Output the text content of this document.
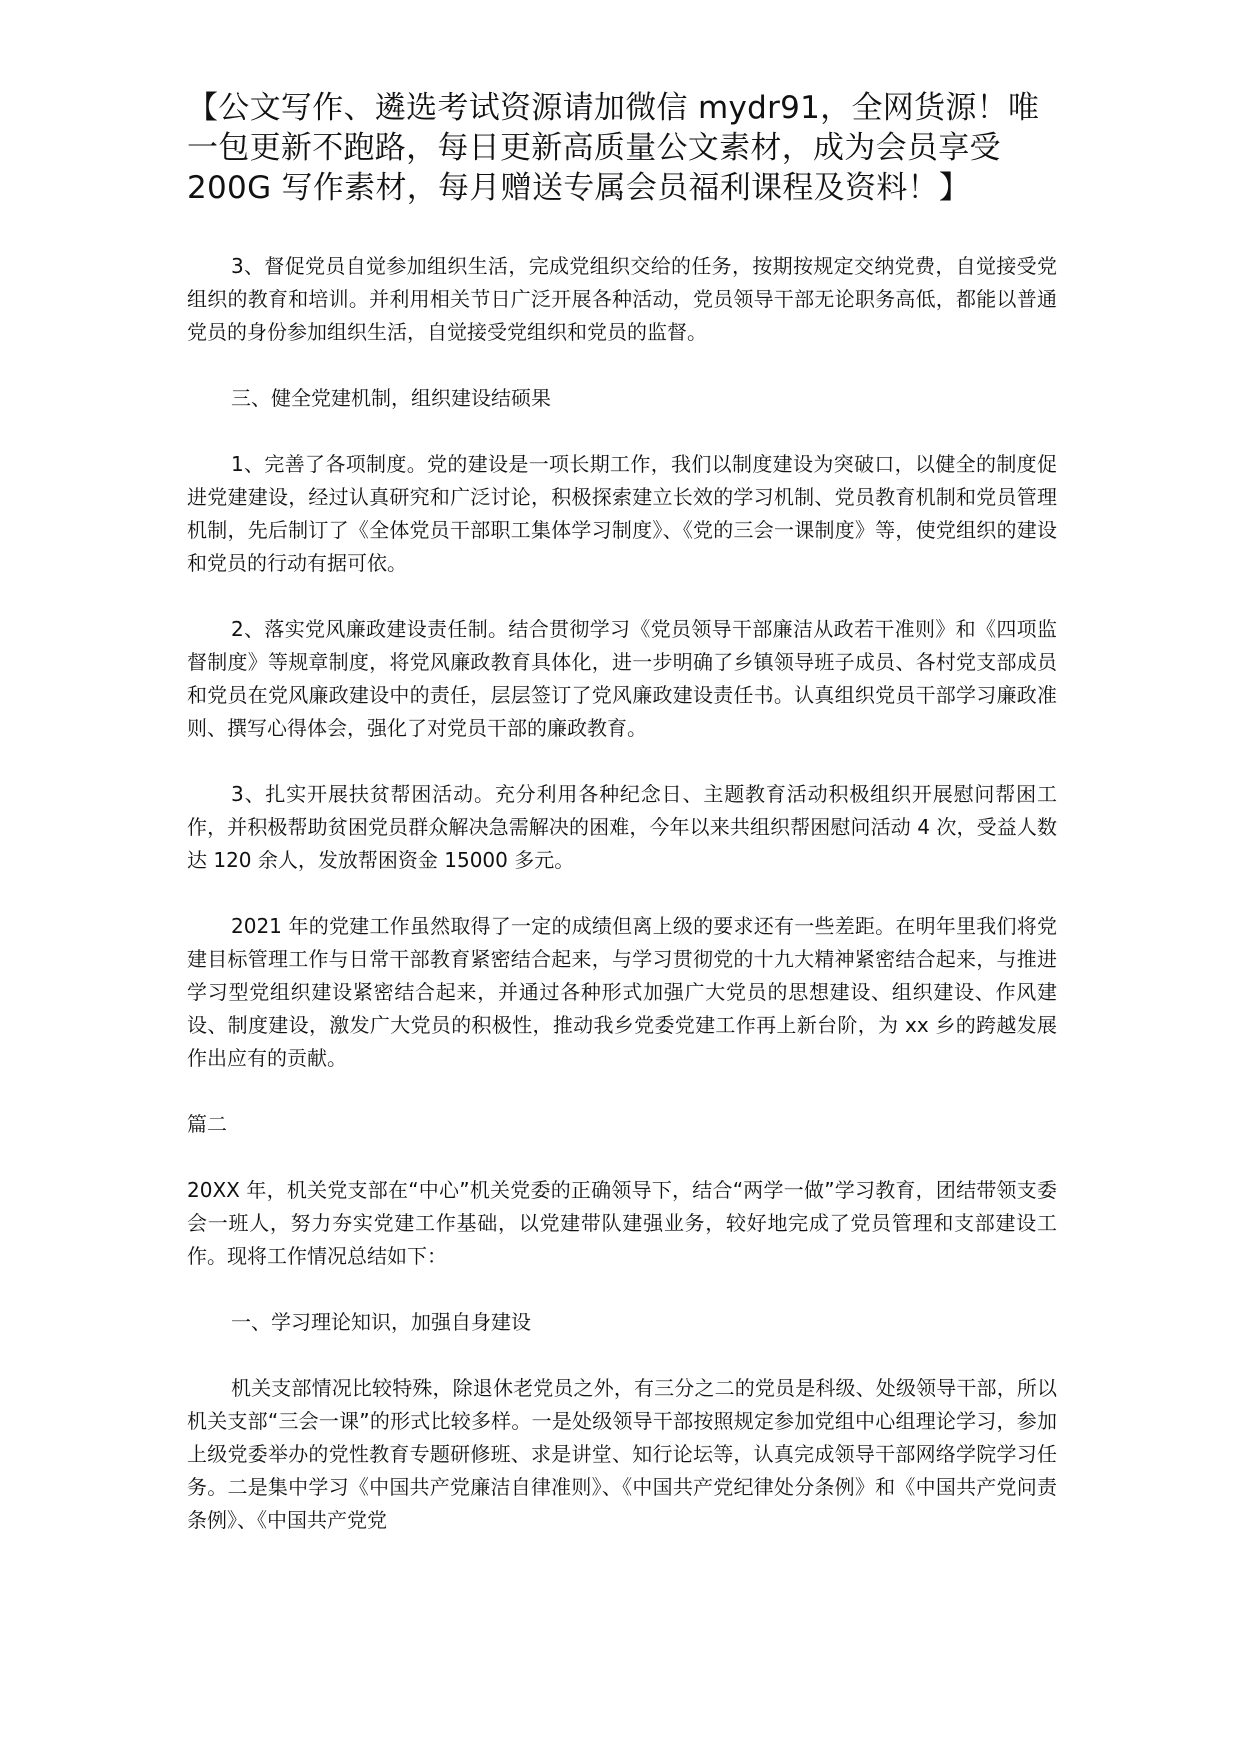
【公文写作、遴选考试资源请加微信 mydr91，全网货源！唯一包更新不跑路，每日更新高质量公文素材，成为会员享受 200G 写作素材，每月赠送专属会员福利课程及资料！】

3、督促党员自觉参加组织生活，完成党组织交给的任务，按期按规定交纳党费，自觉接受党组织的教育和培训。并利用相关节日广泛开展各种活动，党员领导干部无论职务高低，都能以普通党员的身份参加组织生活，自觉接受党组织和党员的监督。

三、健全党建机制，组织建设结硕果

1、完善了各项制度。党的建设是一项长期工作，我们以制度建设为突破口，以健全的制度促进党建建设，经过认真研究和广泛讨论，积极探索建立长效的学习机制、党员教育机制和党员管理机制，先后制订了《全体党员干部职工集体学习制度》、《党的三会一课制度》等，使党组织的建设和党员的行动有据可依。

2、落实党风廉政建设责任制。结合贯彻学习《党员领导干部廉洁从政若干准则》和《四项监督制度》等规章制度，将党风廉政教育具体化，进一步明确了乡镇领导班子成员、各村党支部成员和党员在党风廉政建设中的责任，层层签订了党风廉政建设责任书。认真组织党员干部学习廉政准则、撰写心得体会，强化了对党员干部的廉政教育。

3、扎实开展扶贫帮困活动。充分利用各种纪念日、主题教育活动积极组织开展慰问帮困工作，并积极帮助贫困党员群众解决急需解决的困难，今年以来共组织帮困慰问活动 4 次，受益人数达 120 余人，发放帮困资金 15000 多元。

2021 年的党建工作虽然取得了一定的成绩但离上级的要求还有一些差距。在明年里我们将党建目标管理工作与日常干部教育紧密结合起来，与学习贯彻党的十九大精神紧密结合起来，与推进学习型党组织建设紧密结合起来，并通过各种形式加强广大党员的思想建设、组织建设、作风建设、制度建设，激发广大党员的积极性，推动我乡党委党建工作再上新台阶，为 xx 乡的跨越发展作出应有的贡献。

篇二

20XX 年，机关党支部在“中心”机关党委的正确领导下，结合“两学一做”学习教育，团结带领支委会一班人，努力夯实党建工作基础，以党建带队建强业务，较好地完成了党员管理和支部建设工作。现将工作情况总结如下：

一、学习理论知识，加强自身建设

机关支部情况比较特殊，除退休老党员之外，有三分之二的党员是科级、处级领导干部，所以机关支部“三会一课”的形式比较多样。一是处级领导干部按照规定参加党组中心组理论学习，参加上级党委举办的党性教育专题研修班、求是讲堂、知行论坛等，认真完成领导干部网络学院学习任务。二是集中学习《中国共产党廉洁自律准则》、《中国共产党纪律处分条例》和《中国共产党问责条例》、《中国共产党党
